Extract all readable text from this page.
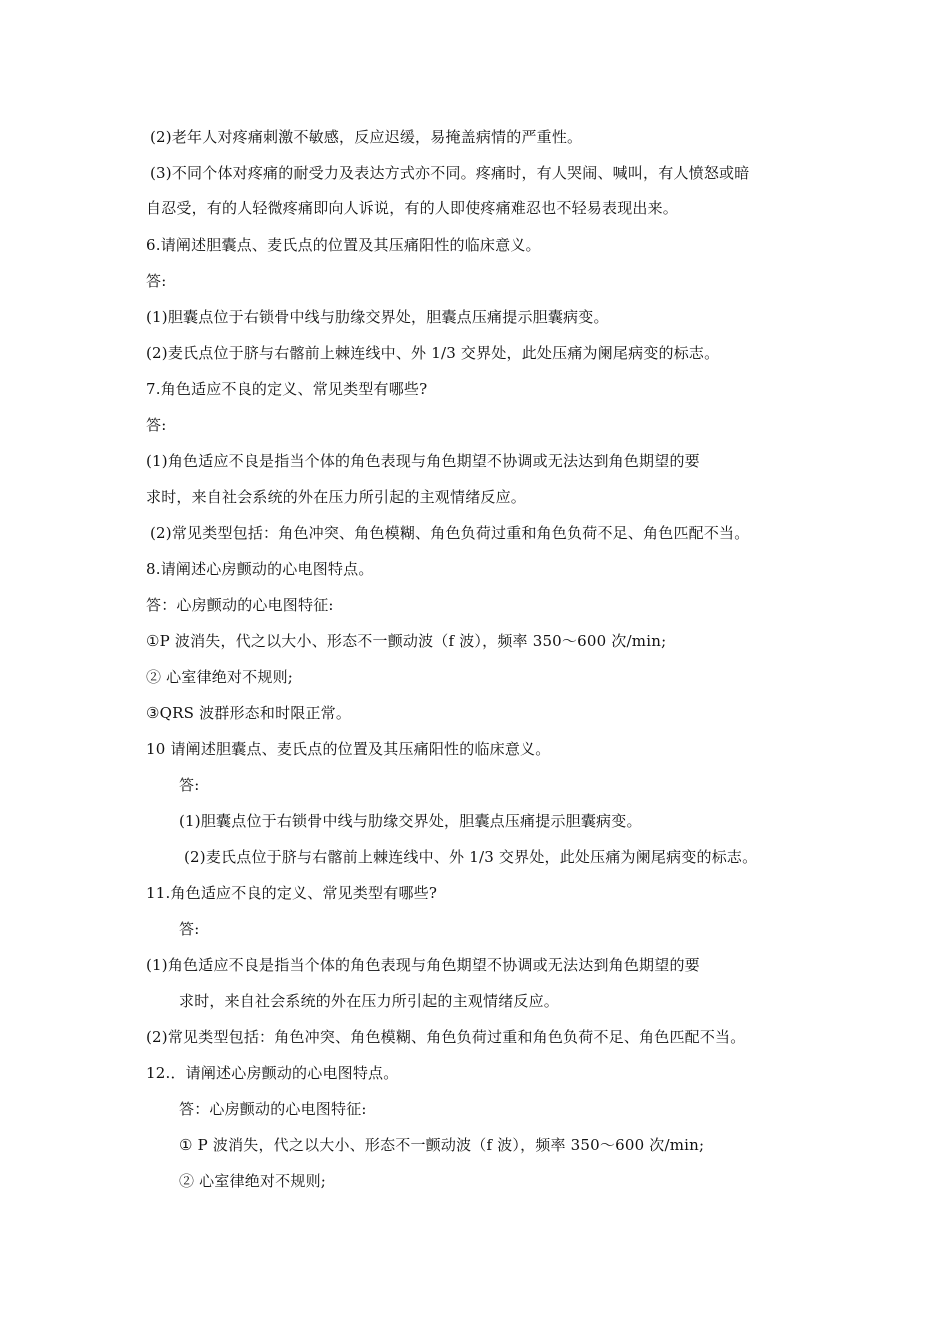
(2)老年人对疼痛刺激不敏感，反应迟缓，易掩盖病情的严重性。
(3)不同个体对疼痛的耐受力及表达方式亦不同。疼痛时，有人哭闹、喊叫，有人愤怒或暗
自忍受，有的人轻微疼痛即向人诉说，有的人即使疼痛难忍也不轻易表现出来。
6.请阐述胆囊点、麦氏点的位置及其压痛阳性的临床意义。
答:
(1)胆囊点位于右锁骨中线与肋缘交界处，胆囊点压痛提示胆囊病变。
(2)麦氏点位于脐与右髂前上棘连线中、外 1/3 交界处，此处压痛为阑尾病变的标志。
7.角色适应不良的定义、常见类型有哪些?
答:
(1)角色适应不良是指当个体的角色表现与角色期望不协调或无法达到角色期望的要
求时，来自社会系统的外在压力所引起的主观情绪反应。
(2)常见类型包括：角色冲突、角色模糊、角色负荷过重和角色负荷不足、角色匹配不当。
8.请阐述心房颤动的心电图特点。
答：心房颤动的心电图特征:
①P 波消失，代之以大小、形态不一颤动波（f 波），频率 350～600 次/min;
② 心室律绝对不规则;
③QRS 波群形态和时限正常。
10 请阐述胆囊点、麦氏点的位置及其压痛阳性的临床意义。
答:
(1)胆囊点位于右锁骨中线与肋缘交界处，胆囊点压痛提示胆囊病变。
(2)麦氏点位于脐与右髂前上棘连线中、外 1/3 交界处，此处压痛为阑尾病变的标志。
11.角色适应不良的定义、常见类型有哪些?
答:
(1)角色适应不良是指当个体的角色表现与角色期望不协调或无法达到角色期望的要
求时，来自社会系统的外在压力所引起的主观情绪反应。
(2)常见类型包括：角色冲突、角色模糊、角色负荷过重和角色负荷不足、角色匹配不当。
12.．请阐述心房颤动的心电图特点。
答：心房颤动的心电图特征:
① P 波消失，代之以大小、形态不一颤动波（f 波），频率 350～600 次/min;
② 心室律绝对不规则;
